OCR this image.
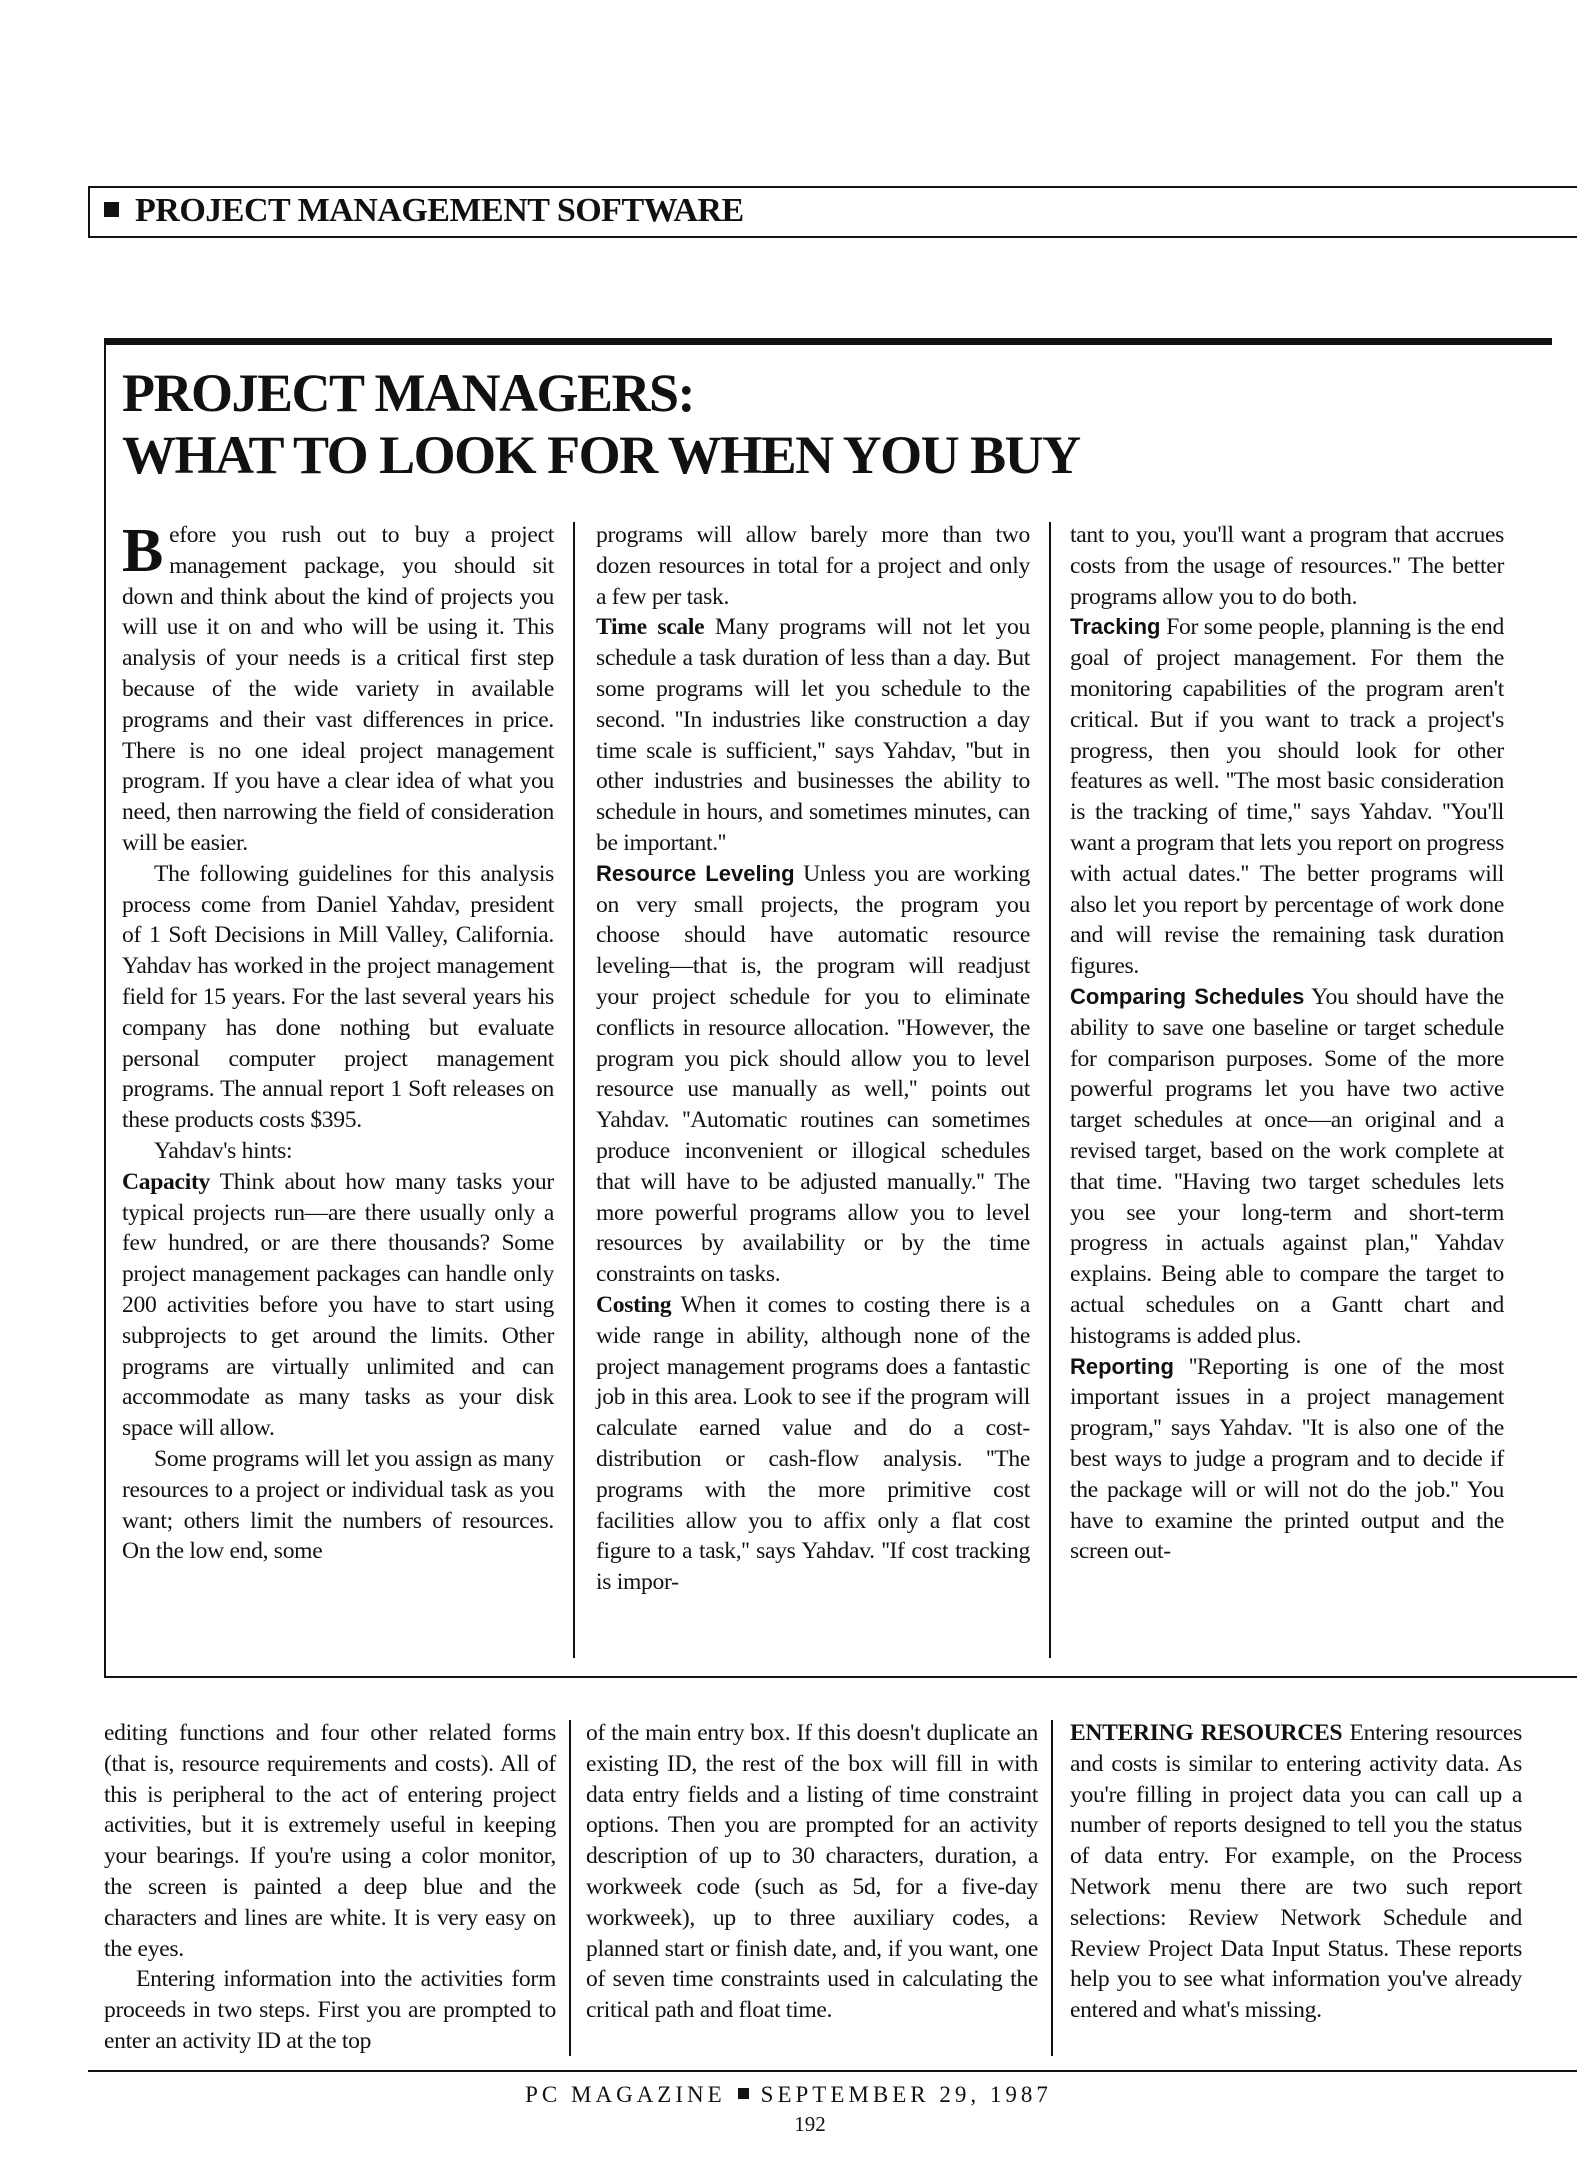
PROJECT MANAGEMENT SOFTWARE
PROJECT MANAGERS:
WHAT TO LOOK FOR WHEN YOU BUY

Before you rush out to buy a project management package, you should sit down and think about the kind of projects you will use it on and who will be using it. This analysis of your needs is a critical first step because of the wide variety in available programs and their vast differences in price. There is no one ideal project management program. If you have a clear idea of what you need, then narrowing the field of consideration will be easier.

The following guidelines for this analysis process come from Daniel Yahdav, president of 1 Soft Decisions in Mill Valley, California. Yahdav has worked in the project management field for 15 years. For the last several years his company has done nothing but evaluate personal computer project management programs. The annual report 1 Soft releases on these products costs $395.

Yahdav's hints:

Capacity Think about how many tasks your typical projects run—are there usually only a few hundred, or are there thousands? Some project management packages can handle only 200 activities before you have to start using subprojects to get around the limits. Other programs are virtually unlimited and can accommodate as many tasks as your disk space will allow.

Some programs will let you assign as many resources to a project or individual task as you want; others limit the numbers of resources. On the low end, some

programs will allow barely more than two dozen resources in total for a project and only a few per task.

Time scale Many programs will not let you schedule a task duration of less than a day. But some programs will let you schedule to the second. ''In industries like construction a day time scale is sufficient,'' says Yahdav, ''but in other industries and businesses the ability to schedule in hours, and sometimes minutes, can be important.''

Resource Leveling Unless you are working on very small projects, the program you choose should have automatic resource leveling—that is, the program will readjust your project schedule for you to eliminate conflicts in resource allocation. ''However, the program you pick should allow you to level resource use manually as well,'' points out Yahdav. ''Automatic routines can sometimes produce inconvenient or illogical schedules that will have to be adjusted manually.'' The more powerful programs allow you to level resources by availability or by the time constraints on tasks.

Costing When it comes to costing there is a wide range in ability, although none of the project management programs does a fantastic job in this area. Look to see if the program will calculate earned value and do a cost-distribution or cash-flow analysis. ''The programs with the more primitive cost facilities allow you to affix only a flat cost figure to a task,'' says Yahdav. ''If cost tracking is impor-

tant to you, you'll want a program that accrues costs from the usage of resources.'' The better programs allow you to do both.

Tracking For some people, planning is the end goal of project management. For them the monitoring capabilities of the program aren't critical. But if you want to track a project's progress, then you should look for other features as well. ''The most basic consideration is the tracking of time,'' says Yahdav. ''You'll want a program that lets you report on progress with actual dates.'' The better programs will also let you report by percentage of work done and will revise the remaining task duration figures.

Comparing Schedules You should have the ability to save one baseline or target schedule for comparison purposes. Some of the more powerful programs let you have two active target schedules at once—an original and a revised target, based on the work complete at that time. ''Having two target schedules lets you see your long-term and short-term progress in actuals against plan,'' Yahdav explains. Being able to compare the target to actual schedules on a Gantt chart and histograms is added plus.

Reporting ''Reporting is one of the most important issues in a project management program,'' says Yahdav. ''It is also one of the best ways to judge a program and to decide if the package will or will not do the job.'' You have to examine the printed output and the screen out-

editing functions and four other related forms (that is, resource requirements and costs). All of this is peripheral to the act of entering project activities, but it is extremely useful in keeping your bearings. If you're using a color monitor, the screen is painted a deep blue and the characters and lines are white. It is very easy on the eyes.

Entering information into the activities form proceeds in two steps. First you are prompted to enter an activity ID at the top

of the main entry box. If this doesn't duplicate an existing ID, the rest of the box will fill in with data entry fields and a listing of time constraint options. Then you are prompted for an activity description of up to 30 characters, duration, a workweek code (such as 5d, for a five-day workweek), up to three auxiliary codes, a planned start or finish date, and, if you want, one of seven time constraints used in calculating the critical path and float time.

ENTERING RESOURCES Entering resources and costs is similar to entering activity data. As you're filling in project data you can call up a number of reports designed to tell you the status of data entry. For example, on the Process Network menu there are two such report selections: Review Network Schedule and Review Project Data Input Status. These reports help you to see what information you've already entered and what's missing.

PC MAGAZINE SEPTEMBER 29, 1987
192
